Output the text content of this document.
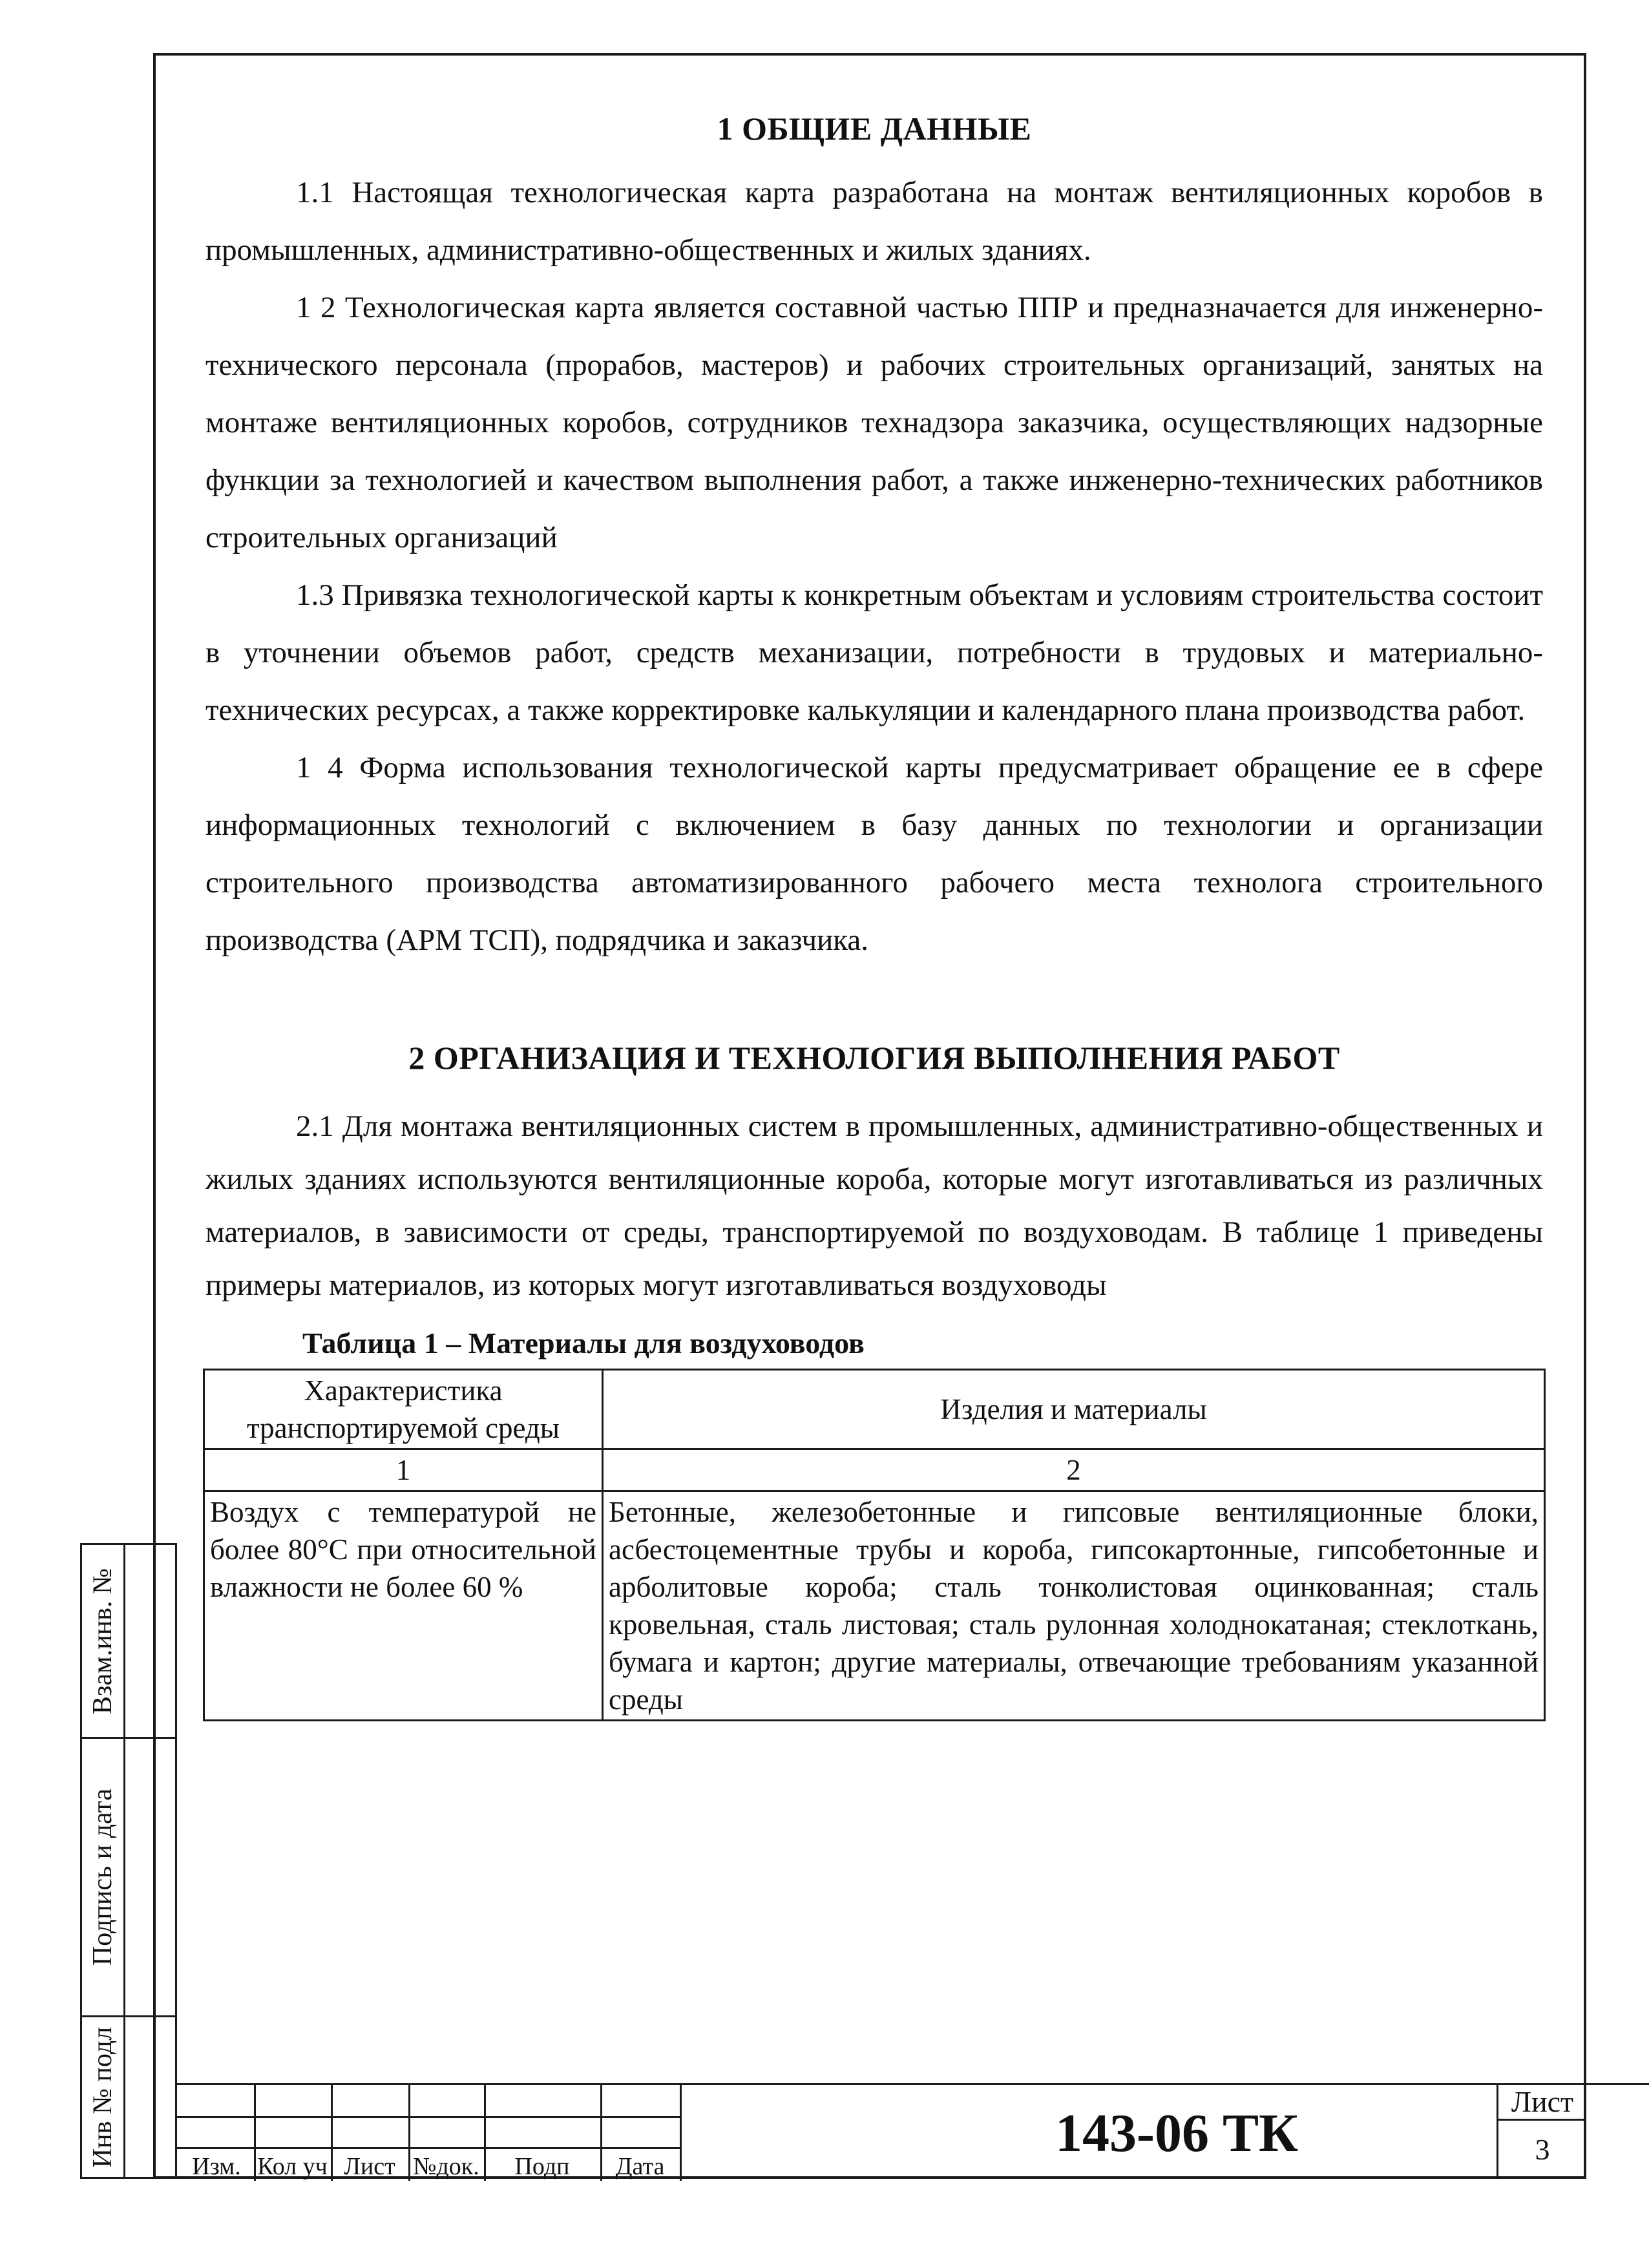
1 ОБЩИЕ ДАННЫЕ

1.1 Настоящая технологическая карта разработана на монтаж вентиляционных коробов в промышленных, административно-общественных и жилых зданиях.

1 2 Технологическая карта является составной частью ППР и предназначается для инженерно-технического персонала (прорабов, мастеров) и рабочих строительных организаций, занятых на монтаже вентиляционных коробов, сотрудников технадзора заказчика, осуществляющих надзорные функции за технологией и качеством выполнения работ, а также инженерно-технических работников строительных организаций

1.3 Привязка технологической карты к конкретным объектам и условиям строительства состоит в уточнении объемов работ, средств механизации, потребности в трудовых и материально-технических ресурсах, а также корректировке калькуляции и календарного плана производства работ.

1 4 Форма использования технологической карты предусматривает обращение ее в сфере информационных технологий с включением в базу данных по технологии и организации строительного производства автоматизированного рабочего места технолога строительного производства (АРМ ТСП), подрядчика и заказчика.

2 ОРГАНИЗАЦИЯ И ТЕХНОЛОГИЯ ВЫПОЛНЕНИЯ РАБОТ

2.1 Для монтажа вентиляционных систем в промышленных, административно-общественных и жилых зданиях используются вентиляционные короба, которые могут изготавливаться из различных материалов, в зависимости от среды, транспортируемой по воздуховодам. В таблице 1 приведены примеры материалов, из которых могут изготавливаться воздуховоды

Таблица 1 – Материалы для воздуховодов
Характеристика транспортируемой среды	Изделия и материалы
1	2
Воздух с температурой не более 80°С при относительной влажности не более 60 %	Бетонные, железобетонные и гипсовые вентиляционные блоки, асбестоцементные трубы и короба, гипсокартонные, гипсобетонные и арболитовые короба; сталь тонколистовая оцинкованная; сталь кровельная, сталь листовая; сталь рулонная холоднокатаная; стеклоткань, бумага и картон; другие материалы, отвечающие требованиям указанной среды
Взам.инв. №
Подпись и дата
Инв № подл	Изм. Кол уч Лист №док.	Подп	Дата
143-06 ТК
Лист
3
